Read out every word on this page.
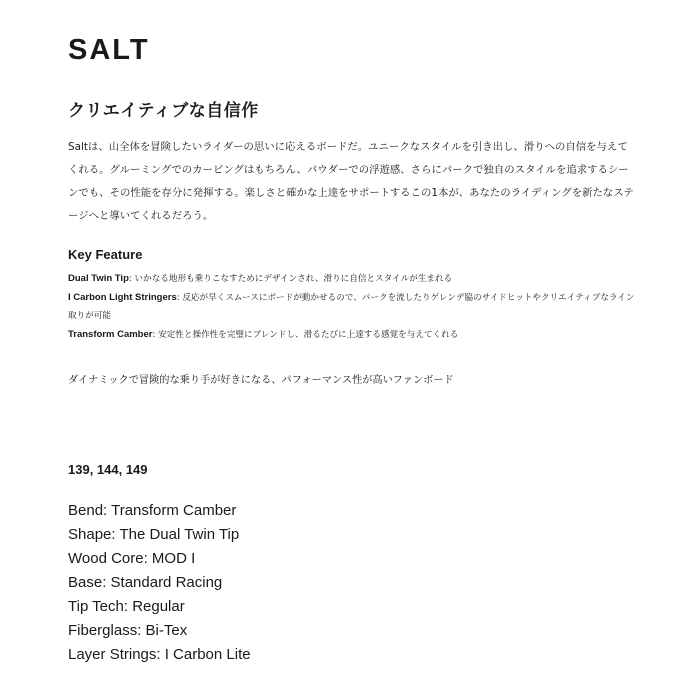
SALT
クリエイティブな自信作

Saltは、山全体を冒険したいライダーの思いに応えるボードだ。ユニークなスタイルを引き出し、滑りへの自信を与えてくれる。グルーミングでのカービングはもちろん、パウダーでの浮遊感、さらにパークで独自のスタイルを追求するシーンでも、その性能を存分に発揮する。楽しさと確かな上達をサポートするこの1本が、あなたのライディングを新たなステージへと導いてくれるだろう。

Key Feature
Dual Twin Tip: いかなる地形も乗りこなすためにデザインされ、滑りに自信とスタイルが生まれる
I Carbon Light Stringers: 反応が早くスムースにボードが動かせるので、パークを流したりゲレンデ脇のサイドヒットやクリエイティブなライン取りが可能
Transform Camber: 安定性と操作性を完璧にブレンドし、滑るたびに上達する感覚を与えてくれる

ダイナミックで冒険的な乗り手が好きになる、パフォーマンス性が高いファンボード

139, 144, 149

Bend: Transform Camber
Shape: The Dual Twin Tip
Wood Core: MOD I
Base: Standard Racing
Tip Tech: Regular
Fiberglass: Bi-Tex
Layer Strings: I Carbon Lite
